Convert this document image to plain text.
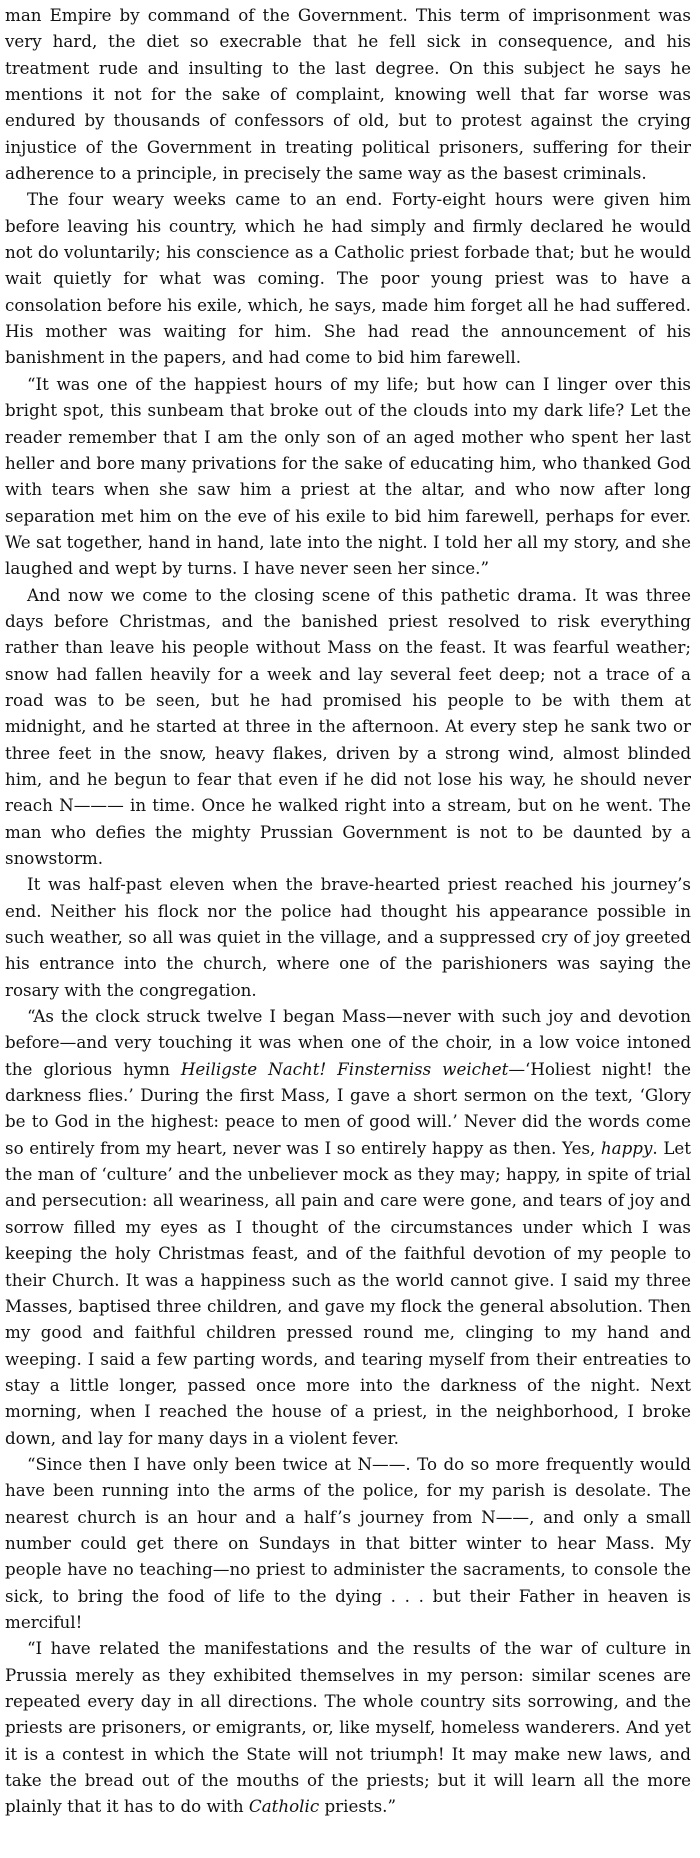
man Empire by command of the Government. This term of imprisonment was very hard, the diet so execrable that he fell sick in consequence, and his treatment rude and insulting to the last degree. On this subject he says he mentions it not for the sake of complaint, knowing well that far worse was endured by thousands of confessors of old, but to protest against the crying injustice of the Government in treating political prisoners, suffering for their adherence to a principle, in precisely the same way as the basest criminals.

The four weary weeks came to an end. Forty-eight hours were given him before leaving his country, which he had simply and firmly declared he would not do voluntarily; his conscience as a Catholic priest forbade that; but he would wait quietly for what was coming. The poor young priest was to have a consolation before his exile, which, he says, made him forget all he had suffered. His mother was waiting for him. She had read the announcement of his banishment in the papers, and had come to bid him farewell.

“It was one of the happiest hours of my life; but how can I linger over this bright spot, this sunbeam that broke out of the clouds into my dark life? Let the reader remember that I am the only son of an aged mother who spent her last heller and bore many privations for the sake of educating him, who thanked God with tears when she saw him a priest at the altar, and who now after long separation met him on the eve of his exile to bid him farewell, perhaps for ever. We sat together, hand in hand, late into the night. I told her all my story, and she laughed and wept by turns. I have never seen her since.”

And now we come to the closing scene of this pathetic drama. It was three days before Christmas, and the banished priest resolved to risk everything rather than leave his people without Mass on the feast. It was fearful weather; snow had fallen heavily for a week and lay several feet deep; not a trace of a road was to be seen, but he had promised his people to be with them at midnight, and he started at three in the afternoon. At every step he sank two or three feet in the snow, heavy flakes, driven by a strong wind, almost blinded him, and he begun to fear that even if he did not lose his way, he should never reach N——— in time. Once he walked right into a stream, but on he went. The man who defies the mighty Prussian Government is not to be daunted by a snowstorm.

It was half-past eleven when the brave-hearted priest reached his journey’s end. Neither his flock nor the police had thought his appearance possible in such weather, so all was quiet in the village, and a suppressed cry of joy greeted his entrance into the church, where one of the parishioners was saying the rosary with the congregation.

“As the clock struck twelve I began Mass—never with such joy and devotion before—and very touching it was when one of the choir, in a low voice intoned the glorious hymn Heiligste Nacht! Finsterniss weichet—‘Holiest night! the darkness flies.’ During the first Mass, I gave a short sermon on the text, ‘Glory be to God in the highest: peace to men of good will.’ Never did the words come so entirely from my heart, never was I so entirely happy as then. Yes, happy. Let the man of ‘culture’ and the unbeliever mock as they may; happy, in spite of trial and persecution: all weariness, all pain and care were gone, and tears of joy and sorrow filled my eyes as I thought of the circumstances under which I was keeping the holy Christmas feast, and of the faithful devotion of my people to their Church. It was a happiness such as the world cannot give. I said my three Masses, baptised three children, and gave my flock the general absolution. Then my good and faithful children pressed round me, clinging to my hand and weeping. I said a few parting words, and tearing myself from their entreaties to stay a little longer, passed once more into the darkness of the night. Next morning, when I reached the house of a priest, in the neighborhood, I broke down, and lay for many days in a violent fever.

“Since then I have only been twice at N——. To do so more frequently would have been running into the arms of the police, for my parish is desolate. The nearest church is an hour and a half’s journey from N——, and only a small number could get there on Sundays in that bitter winter to hear Mass. My people have no teaching—no priest to administer the sacraments, to console the sick, to bring the food of life to the dying . . . but their Father in heaven is merciful!

“I have related the manifestations and the results of the war of culture in Prussia merely as they exhibited themselves in my person: similar scenes are repeated every day in all directions. The whole country sits sorrowing, and the priests are prisoners, or emigrants, or, like myself, homeless wanderers. And yet it is a contest in which the State will not triumph! It may make new laws, and take the bread out of the mouths of the priests; but it will learn all the more plainly that it has to do with Catholic priests.”
